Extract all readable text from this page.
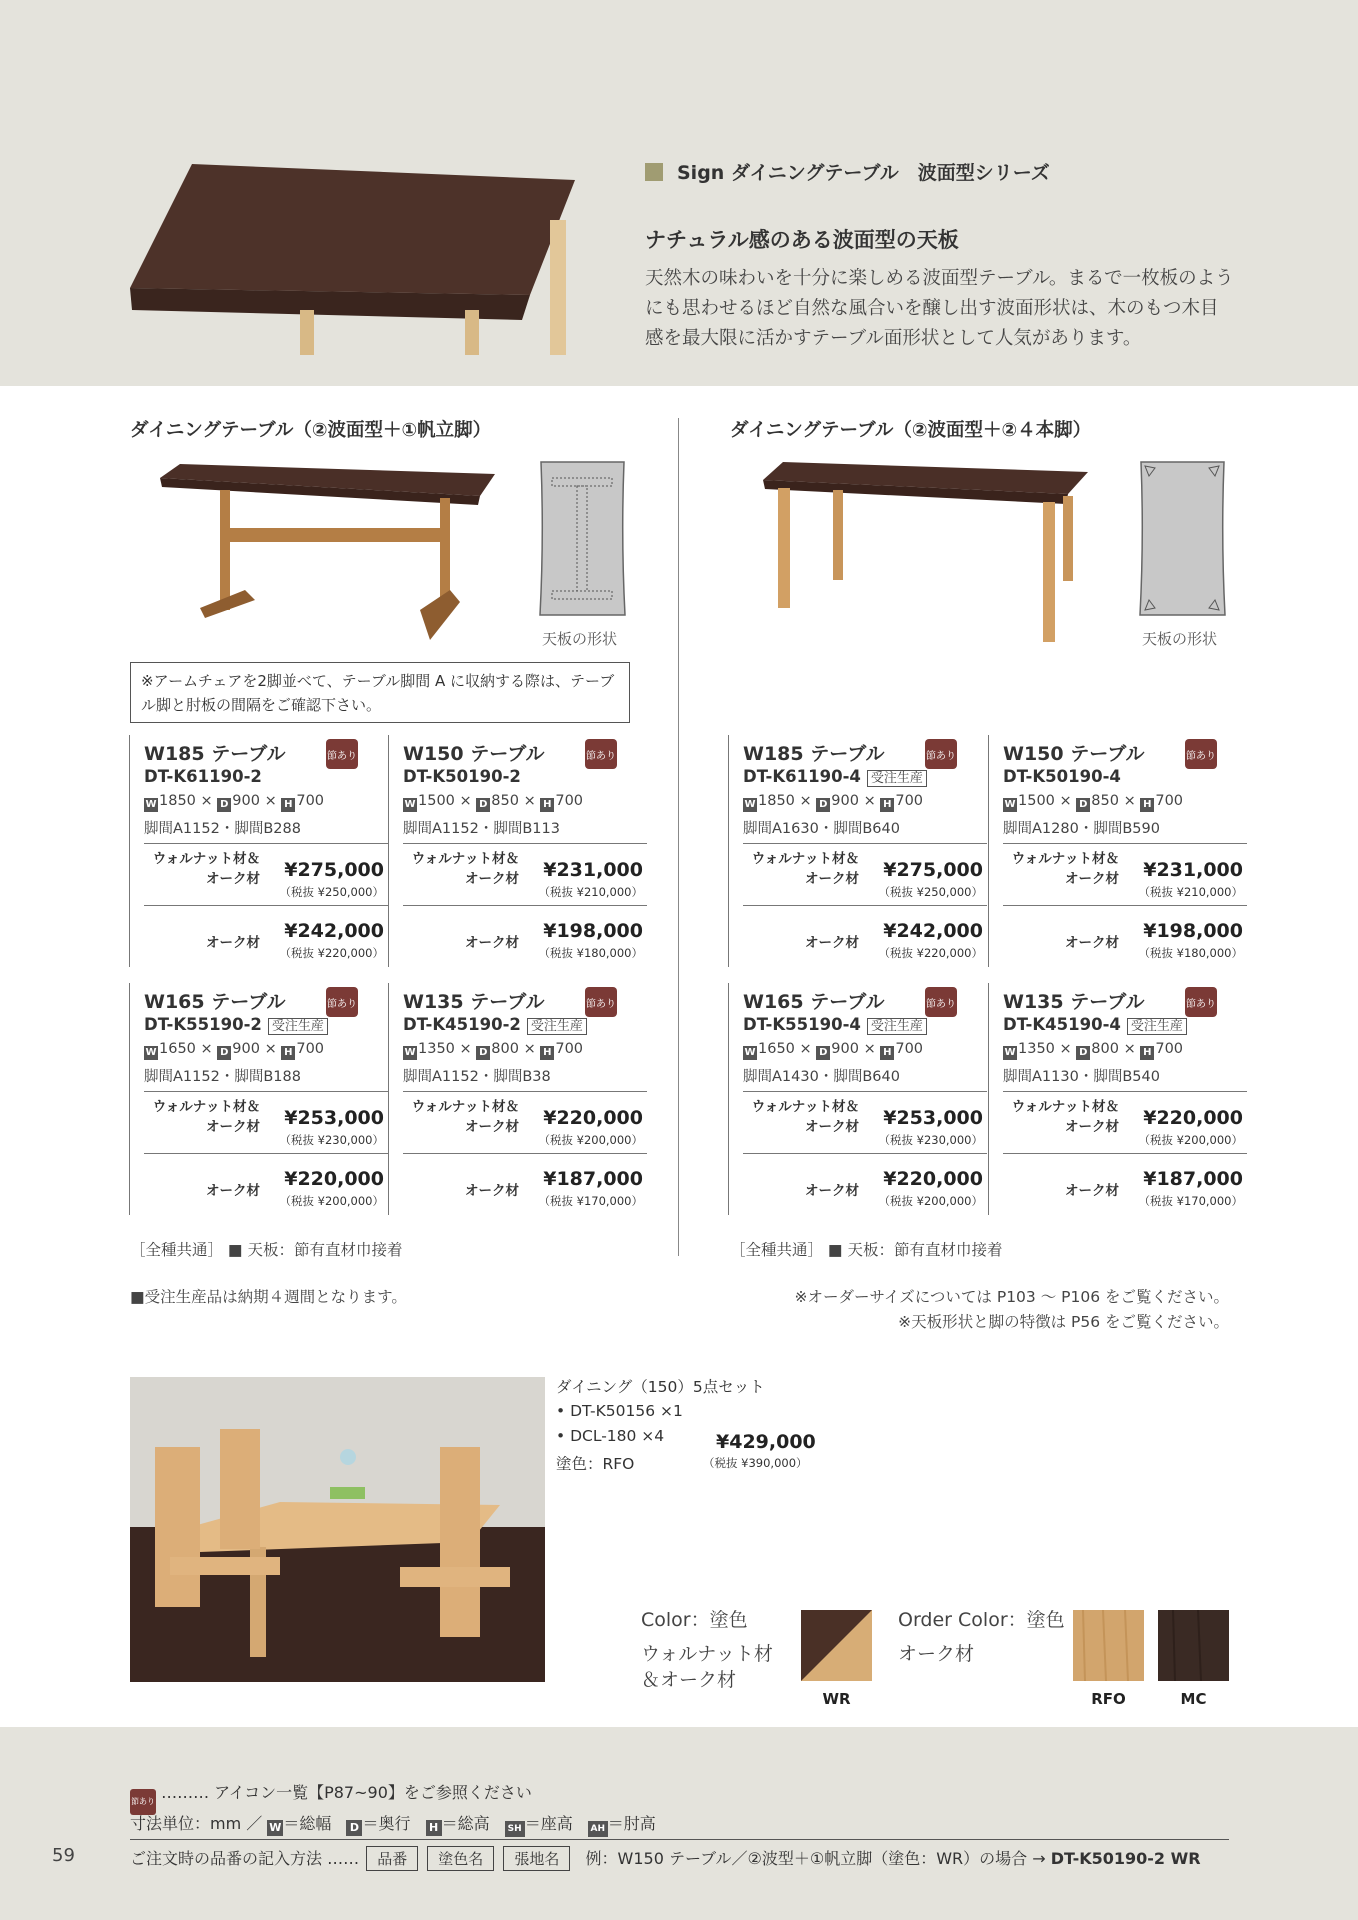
Sign ダイニングテーブル　波面型シリーズ
ナチュラル感のある波面型の天板
天然木の味わいを十分に楽しめる波面型テーブル。まるで一枚板のようにも思わせるほど自然な風合いを醸し出す波面形状は、木のもつ木目感を最大限に活かすテーブル面形状として人気があります。
ダイニングテーブル（②波面型＋①帆立脚）
天板の形状
※アームチェアを2脚並べて、テーブル脚間 A に収納する際は、テーブル脚と肘板の間隔をご確認下さい。
ダイニングテーブル（②波面型＋②４本脚）
天板の形状
W185 テーブル	節あり
DT-K61190-2
W 1850 × D 900 × H 700
脚間A1152・脚間B288
ウォルナット材＆オーク材	¥275,000
（税抜 ¥250,000）
オーク材
¥242,000
（税抜 ¥220,000）
W150 テーブル	節あり
DT-K50190-2
W 1500 × D 850 × H 700
脚間A1152・脚間B113
ウォルナット材＆オーク材	¥231,000
（税抜 ¥210,000）
オーク材
¥198,000
（税抜 ¥180,000）
W165 テーブル	節あり
DT-K55190-2 受注生産
W 1650 × D 900 × H 700
脚間A1152・脚間B188
ウォルナット材＆オーク材	¥253,000
（税抜 ¥230,000）
オーク材
¥220,000
（税抜 ¥200,000）
W135 テーブル	節あり
DT-K45190-2 受注生産
W 1350 × D 800 × H 700
脚間A1152・脚間B38
ウォルナット材＆オーク材	¥220,000
（税抜 ¥200,000）
オーク材
¥187,000
（税抜 ¥170,000）
W185 テーブル	節あり
DT-K61190-4 受注生産
W 1850 × D 900 × H 700
脚間A1630・脚間B640
ウォルナット材＆オーク材	¥275,000
（税抜 ¥250,000）
オーク材
¥242,000
（税抜 ¥220,000）
W150 テーブル	節あり
DT-K50190-4
W 1500 × D 850 × H 700
脚間A1280・脚間B590
ウォルナット材＆オーク材	¥231,000
（税抜 ¥210,000）
オーク材
¥198,000
（税抜 ¥180,000）
W165 テーブル	節あり
DT-K55190-4 受注生産
W 1650 × D 900 × H 700
脚間A1430・脚間B640
ウォルナット材＆オーク材	¥253,000
（税抜 ¥230,000）
オーク材
¥220,000
（税抜 ¥200,000）
W135 テーブル	節あり
DT-K45190-4 受注生産
W 1350 × D 800 × H 700
脚間A1130・脚間B540
ウォルナット材＆オーク材	¥220,000
（税抜 ¥200,000）
オーク材
¥187,000
（税抜 ¥170,000）
［全種共通］ ■ 天板：節有直材巾接着	［全種共通］ ■ 天板：節有直材巾接着
■受注生産品は納期４週間となります。	※オーダーサイズについては P103 〜 P106 をご覧ください。
※天板形状と脚の特徴は P56 をご覧ください。
ダイニング（150）5点セット
• DT-K50156 ×1
• DCL-180 ×4
塗色：RFO
¥429,000
（税抜 ¥390,000）
Color：塗色
ウォルナット材＆オーク材
WR
Order Color：塗色
オーク材
RFO	MC
節あり ……… アイコン一覧【P87~90】をご参照ください
寸法単位：mm ／ W ＝総幅 D ＝奥行 H ＝総高 SH ＝座高 AH ＝肘高
59	ご注文時の品番の記入方法 …… 品番 塗色名 張地名 例：W150 テーブル／②波型＋①帆立脚（塗色：WR）の場合 → DT-K50190-2 WR
